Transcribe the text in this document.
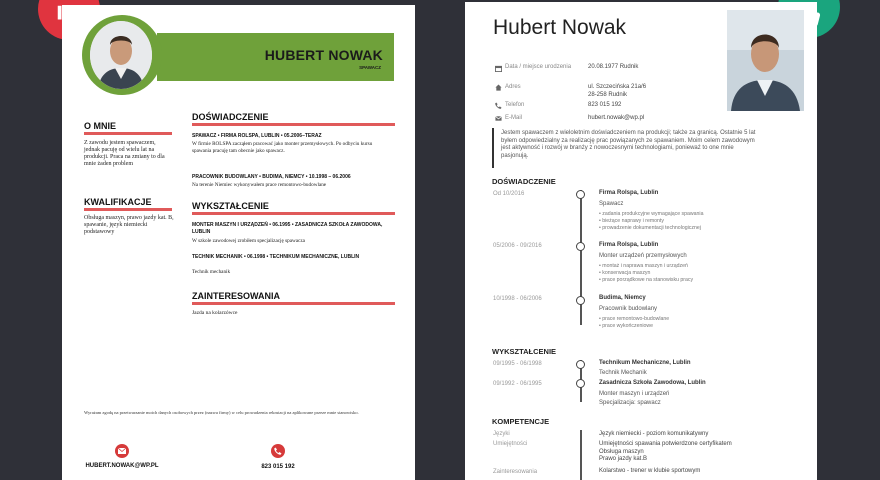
HUBERT NOWAK
SPAWACZ
O MNIE
Z zawodu jestem spawaczem, jednak pacuję od wielu lat na produkcji. Praca na zmiany to dla mnie żaden problem
KWALIFIKACJE
Obsługa maszyn, prawo jazdy kat. B, spawanie, język niemiecki podstawowy
DOŚWIADCZENIE
SPAWACZ • FIRMA ROLSPA, LUBLIN • 05.2006–TERAZ
W firmie ROLSPA zacząłem pracować jako monter przemysłowych. Po odbyciu kursu spawania pracuję tam obecnie jako spawacz.
PRACOWNIK BUDOWLANY • BUDIMA, NIEMCY • 10.1998 – 06.2006
Na terenie Niemiec wykonywałem prace remontowo-budowlane
WYKSZTAŁCENIE
MONTER MASZYN I URZĄDZEŃ • 06.1995 • ZASADNICZA SZKOŁA ZAWODOWA, LUBLIN
W szkole zawodowej zrobiłem specjalizację spawacza
TECHNIK MECHANIK • 06.1998 • TECHNIKUM MECHANICZNE, LUBLIN
Technik mechanik
ZAINTERESOWANIA
Jazda na kolarzówce
Wyrażam zgodę na przetwarzanie moich danych osobowych przez (nazwa firmy) w celu prowadzenia rekrutacji na aplikowane przeze mnie stanowisko.
HUBERT.NOWAK@WP.PL	823 015 192
Hubert Nowak
Data / miejsce urodzenia	20.08.1977 Rudnik
Adres	ul. Szczecińska 21a/6
28-258 Rudnik
Telefon	823 015 192
E-Mail	hubert.nowak@wp.pl
Jestem spawaczem z wieloletnim doświadczeniem na produkcji; także za granicą. Ostatnie 5 lat byłem odpowiedzialny za realizację prac powiązanych ze spawaniem. Moim celem zawodowym jest aktywność i rozwój w branży z nowoczesnymi technologiami, ponieważ to one mnie pasjonują.
DOŚWIADCZENIE
Od 10/2016	Firma Rolspa, Lublin
Spawacz
• zadania produkcyjne wymagające spawania
• bieżące naprawy i remonty
• prowadzenie dokumentacji technologicznej
05/2006 - 09/2016	Firma Rolspa, Lublin
Monter urządzeń przemysłowych
• montaż i naprawa maszyn i urządzeń
• konserwacja maszyn
• prace porządkowe na stanowisku pracy
10/1998 - 06/2006	Budima, Niemcy
Pracownik budowlany
• prace remontowo-budowlane
• prace wykończeniowe
WYKSZTAŁCENIE
09/1995 - 06/1998	Technikum Mechaniczne, Lublin
Technik Mechanik
09/1992 - 06/1995	Zasadnicza Szkoła Zawodowa, Lublin
Monter maszyn i urządzeń
Specjalizacja: spawacz
KOMPETENCJE
Języki	Język niemiecki - poziom komunikatywny
Umiejętności	Umiejętności spawania potwierdzone certyfikatem
Obsługa maszyn
Prawo jazdy kat.B
Zainteresowania	Kolarstwo - trener w klubie sportowym
